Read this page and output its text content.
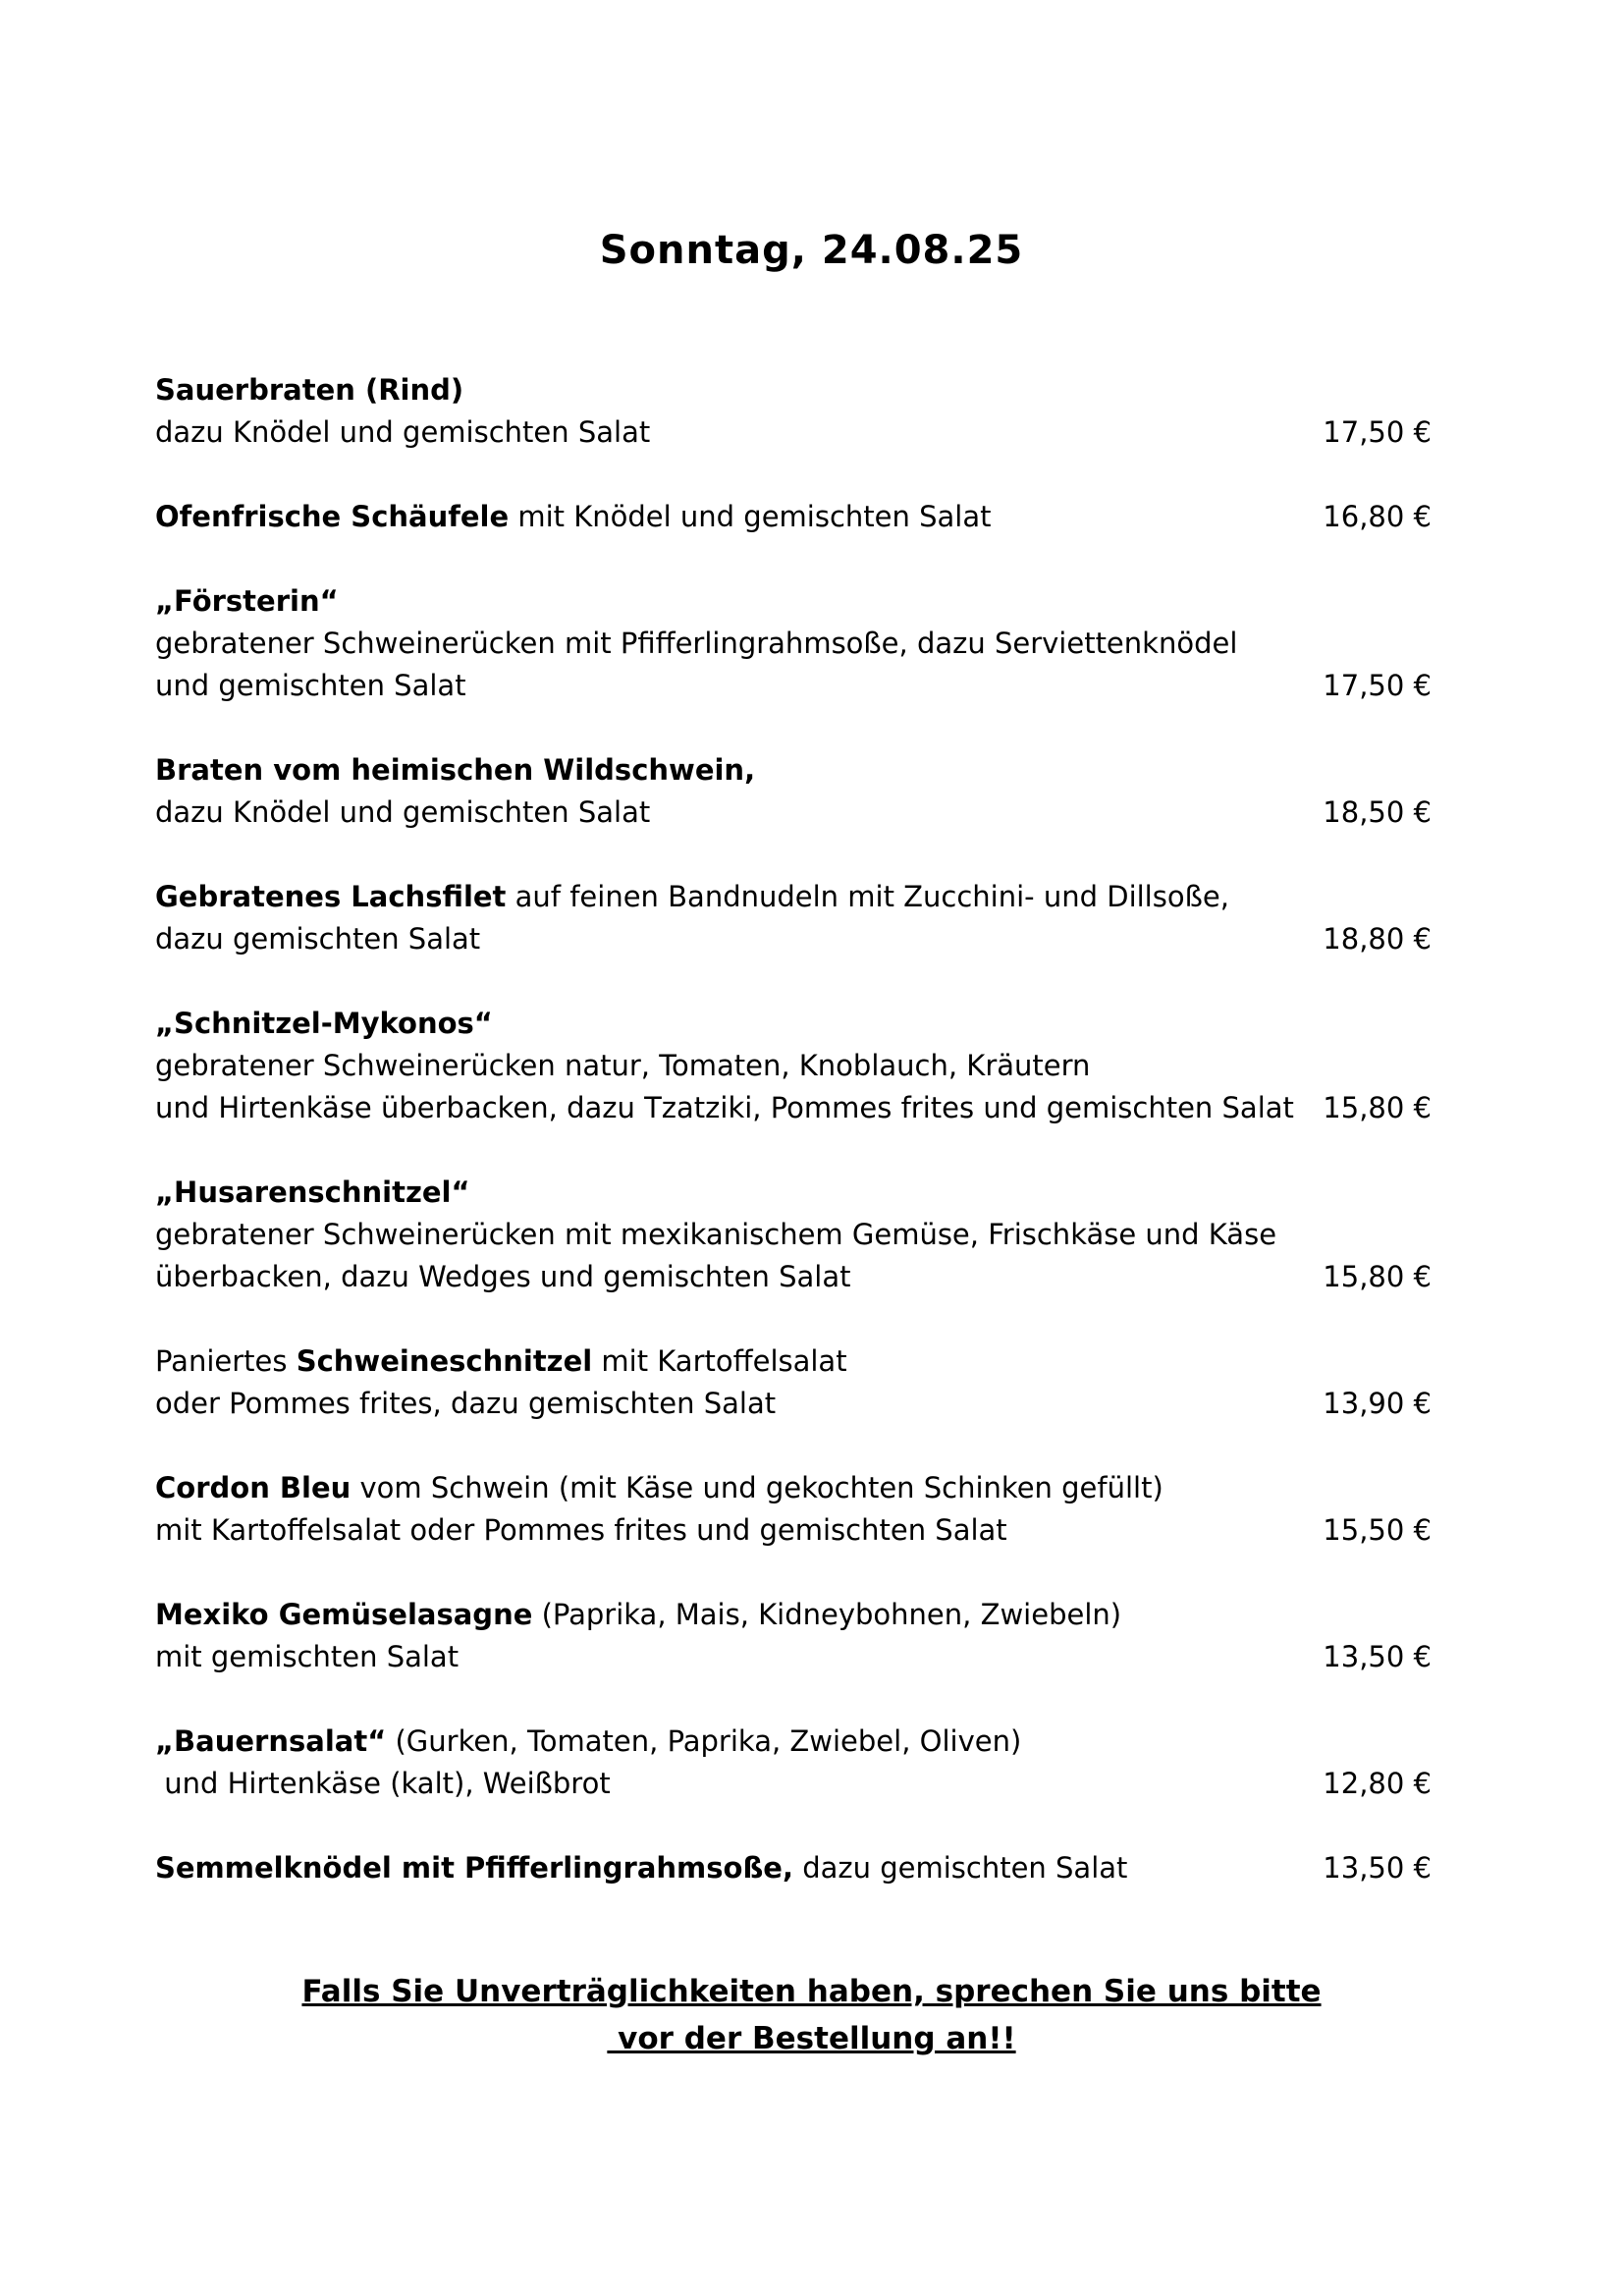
Sonntag, 24.08.25
Sauerbraten (Rind)
dazu Knödel und gemischten Salat	17,50 €
Ofenfrische Schäufele mit Knödel und gemischten Salat	16,80 €
„Försterin“
gebratener Schweinerücken mit Pfifferlingrahmsoße, dazu Serviettenknödel
und gemischten Salat	17,50 €
Braten vom heimischen Wildschwein,
dazu Knödel und gemischten Salat	18,50 €
Gebratenes Lachsfilet auf feinen Bandnudeln mit Zucchini- und Dillsoße,
dazu gemischten Salat	18,80 €
„Schnitzel-Mykonos“
gebratener Schweinerücken natur, Tomaten, Knoblauch, Kräutern
und Hirtenkäse überbacken, dazu Tzatziki, Pommes frites und gemischten Salat	15,80 €
„Husarenschnitzel“
gebratener Schweinerücken mit mexikanischem Gemüse, Frischkäse und Käse
überbacken, dazu Wedges und gemischten Salat	15,80 €
Paniertes Schweineschnitzel mit Kartoffelsalat
oder Pommes frites, dazu gemischten Salat	13,90 €
Cordon Bleu vom Schwein (mit Käse und gekochten Schinken gefüllt)
mit Kartoffelsalat oder Pommes frites und gemischten Salat	15,50 €
Mexiko Gemüselasagne (Paprika, Mais, Kidneybohnen, Zwiebeln)
mit gemischten Salat	13,50 €
„Bauernsalat“ (Gurken, Tomaten, Paprika, Zwiebel, Oliven)
und Hirtenkäse (kalt), Weißbrot	12,80 €
Semmelknödel mit Pfifferlingrahmsoße, dazu gemischten Salat	13,50 €
Falls Sie Unverträglichkeiten haben, sprechen Sie uns bitte
vor der Bestellung an!!
